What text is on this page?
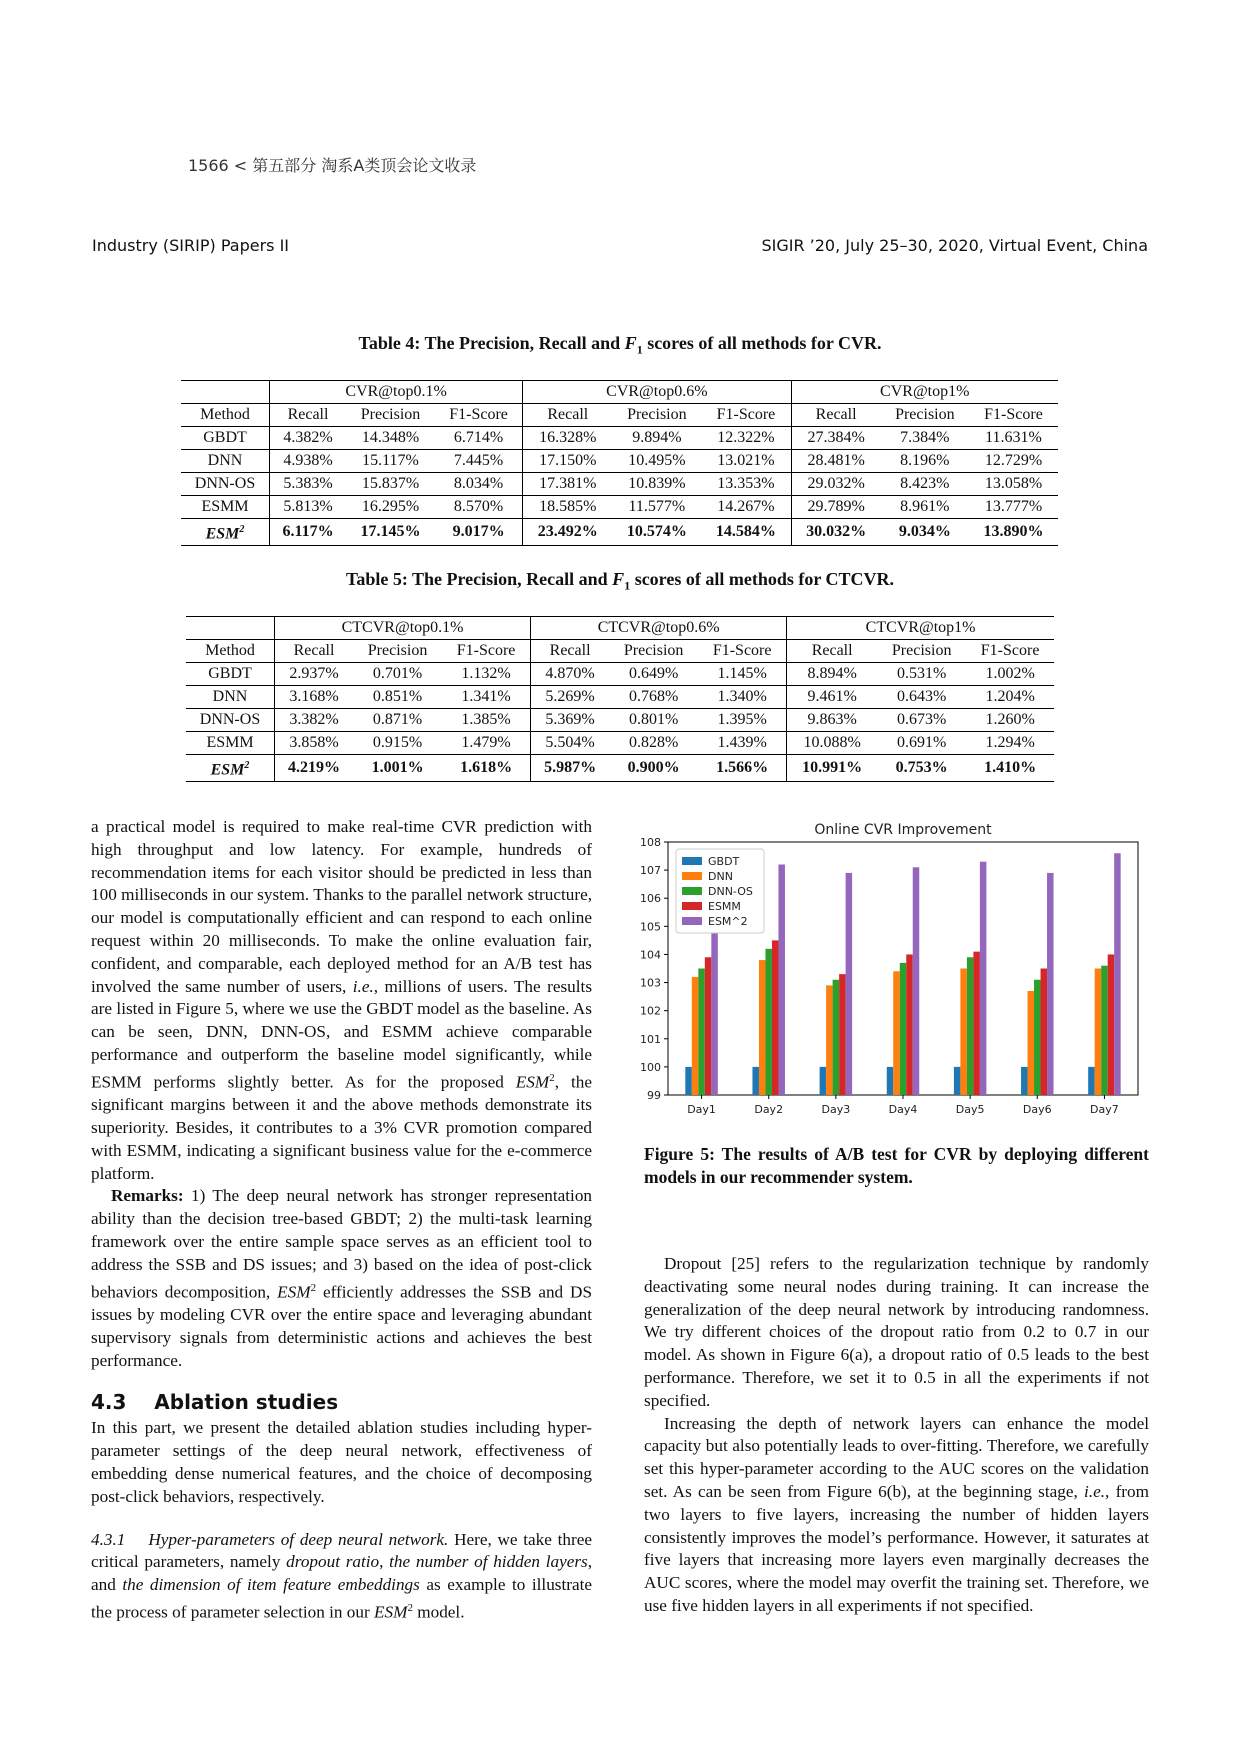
1566 < 第五部分 淘系A类顶会论文收录
Industry (SIRIP) Papers II	SIGIR ’20, July 25–30, 2020, Virtual Event, China
Table 4: The Precision, Recall and $F_1$ scores of all methods for CVR.
	CVR@top0.1%			CVR@top0.6%			CVR@top1%		
Method	Recall	Precision	F1-Score	Recall	Precision	F1-Score	Recall	Precision	F1-Score
GBDT	4.382%	14.348%	6.714%	16.328%	9.894%	12.322%	27.384%	7.384%	11.631%
DNN	4.938%	15.117%	7.445%	17.150%	10.495%	13.021%	28.481%	8.196%	12.729%
DNN-OS	5.383%	15.837%	8.034%	17.381%	10.839%	13.353%	29.032%	8.423%	13.058%
ESMM	5.813%	16.295%	8.570%	18.585%	11.577%	14.267%	29.789%	8.961%	13.777%
ESM$^2$	6.117%	17.145%	9.017%	23.492%	10.574%	14.584%	30.032%	9.034%	13.890%
Table 5: The Precision, Recall and $F_1$ scores of all methods for CTCVR.
	CTCVR@top0.1%			CTCVR@top0.6%			CTCVR@top1%		
Method	Recall	Precision	F1-Score	Recall	Precision	F1-Score	Recall	Precision	F1-Score
GBDT	2.937%	0.701%	1.132%	4.870%	0.649%	1.145%	8.894%	0.531%	1.002%
DNN	3.168%	0.851%	1.341%	5.269%	0.768%	1.340%	9.461%	0.643%	1.204%
DNN-OS	3.382%	0.871%	1.385%	5.369%	0.801%	1.395%	9.863%	0.673%	1.260%
ESMM	3.858%	0.915%	1.479%	5.504%	0.828%	1.439%	10.088%	0.691%	1.294%
ESM$^2$	4.219%	1.001%	1.618%	5.987%	0.900%	1.566%	10.991%	0.753%	1.410%

a practical model is required to make real-time CVR prediction with high throughput and low latency. For example, hundreds of recommendation items for each visitor should be predicted in less than 100 milliseconds in our system. Thanks to the parallel network structure, our model is computationally efficient and can respond to each online request within 20 milliseconds. To make the online evaluation fair, confident, and comparable, each deployed method for an A/B test has involved the same number of users, i.e., millions of users. The results are listed in Figure 5, where we use the GBDT model as the baseline. As can be seen, DNN, DNN-OS, and ESMM achieve comparable performance and outperform the baseline model significantly, while ESMM performs slightly better. As for the proposed ESM$^2$, the significant margins between it and the above methods demonstrate its superiority. Besides, it contributes to a 3% CVR promotion compared with ESMM, indicating a significant business value for the e-commerce platform.

Remarks: 1) The deep neural network has stronger representation ability than the decision tree-based GBDT; 2) the multi-task learning framework over the entire sample space serves as an efficient tool to address the SSB and DS issues; and 3) based on the idea of post-click behaviors decomposition, ESM$^2$ efficiently addresses the SSB and DS issues by modeling CVR over the entire space and leveraging abundant supervisory signals from deterministic actions and achieves the best performance.

4.3    Ablation studies

In this part, we present the detailed ablation studies including hyper-parameter settings of the deep neural network, effectiveness of embedding dense numerical features, and the choice of decomposing post-click behaviors, respectively.

4.3.1    Hyper-parameters of deep neural network. Here, we take three critical parameters, namely dropout ratio, the number of hidden layers, and the dimension of item feature embeddings as example to illustrate the process of parameter selection in our ESM$^2$ model.

Online CVR Improvement
99
100
101
102
103
104
105
106
107
108
Day1	Day2	Day3	Day4	Day5	Day6	Day7
GBDT
DNN
DNN-OS
ESMM
ESM^2
Figure 5: The results of A/B test for CVR by deploying different models in our recommender system.

Dropout [25] refers to the regularization technique by randomly deactivating some neural nodes during training. It can increase the generalization of the deep neural network by introducing randomness. We try different choices of the dropout ratio from 0.2 to 0.7 in our model. As shown in Figure 6(a), a dropout ratio of 0.5 leads to the best performance. Therefore, we set it to 0.5 in all the experiments if not specified.

Increasing the depth of network layers can enhance the model capacity but also potentially leads to over-fitting. Therefore, we carefully set this hyper-parameter according to the AUC scores on the validation set. As can be seen from Figure 6(b), at the beginning stage, i.e., from two layers to five layers, increasing the number of hidden layers consistently improves the model’s performance. However, it saturates at five layers that increasing more layers even marginally decreases the AUC scores, where the model may overfit the training set. Therefore, we use five hidden layers in all experiments if not specified.
